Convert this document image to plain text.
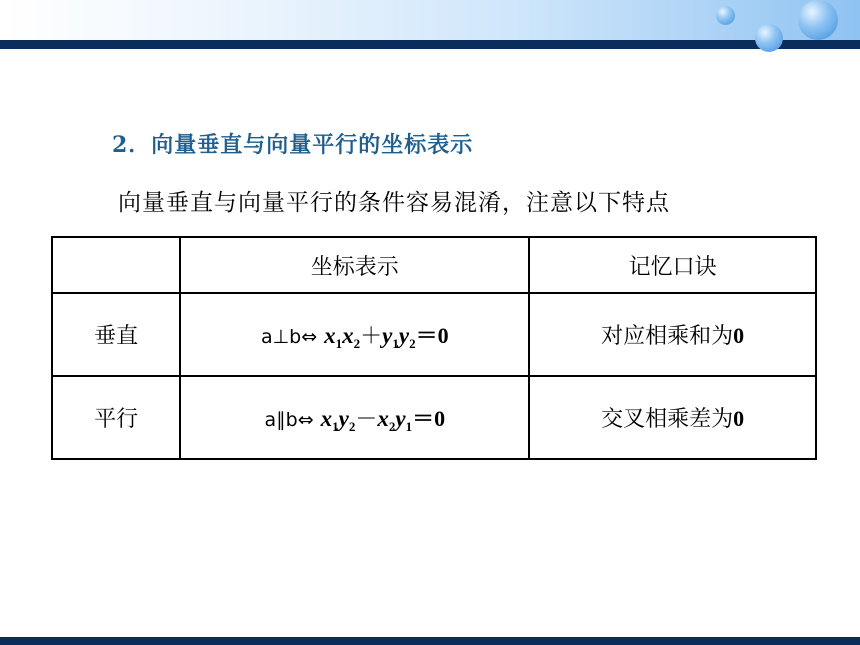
2．向量垂直与向量平行的坐标表示
向量垂直与向量平行的条件容易混淆，注意以下特点
	坐标表示	记忆口诀
垂直	a⊥b⇔ $x_1x_2+y_1y_2=0$	对应相乘和为0
平行	a∥b⇔ $x_1y_2-x_2y_1=0$	交叉相乘差为0
